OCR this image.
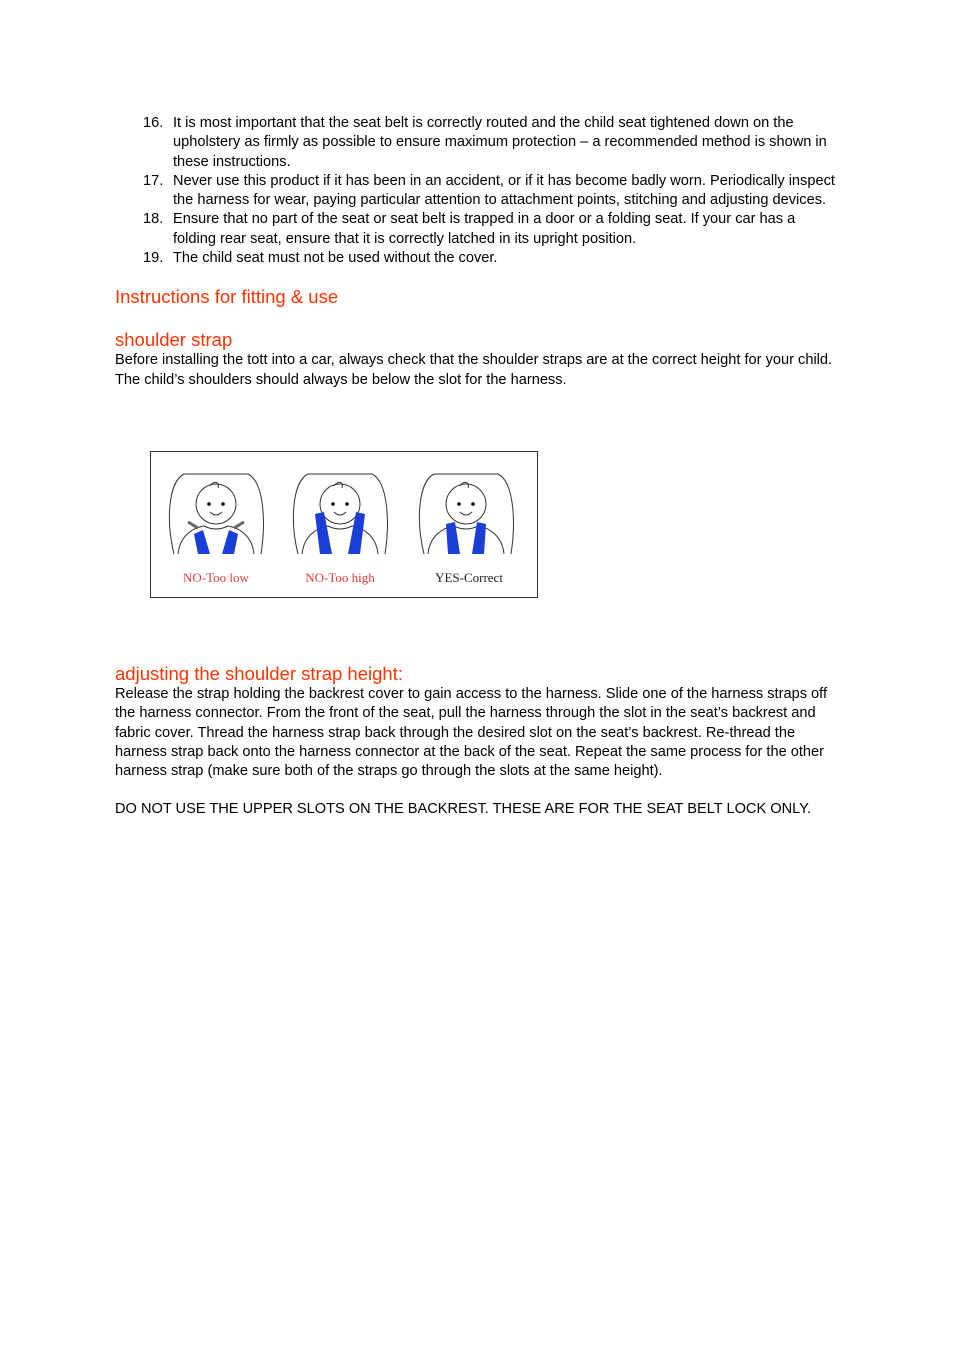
16. It is most important that the seat belt is correctly routed and the child seat tightened down on the upholstery as firmly as possible to ensure maximum protection – a recommended method is shown in these instructions.
17. Never use this product if it has been in an accident, or if it has become badly worn. Periodically inspect the harness for wear, paying particular attention to attachment points, stitching and adjusting devices.
18. Ensure that no part of the seat or seat belt is trapped in a door or a folding seat. If your car has a folding rear seat, ensure that it is correctly latched in its upright position.
19. The child seat must not be used without the cover.
Instructions for fitting & use
shoulder strap

Before installing the tott into a car, always check that the shoulder straps are at the correct height for your child. The child’s shoulders should always be below the slot for the harness.

NO-Too low	NO-Too high	YES-Correct
adjusting the shoulder strap height:

Release the strap holding the backrest cover to gain access to the harness. Slide one of the harness straps off the harness connector. From the front of the seat, pull the harness through the slot in the seat’s backrest and fabric cover. Thread the harness strap back through the desired slot on the seat’s backrest. Re-thread the harness strap back onto the harness connector at the back of the seat. Repeat the same process for the other harness strap (make sure both of the straps go through the slots at the same height).

DO NOT USE THE UPPER SLOTS ON THE BACKREST. THESE ARE FOR THE SEAT BELT LOCK ONLY.
